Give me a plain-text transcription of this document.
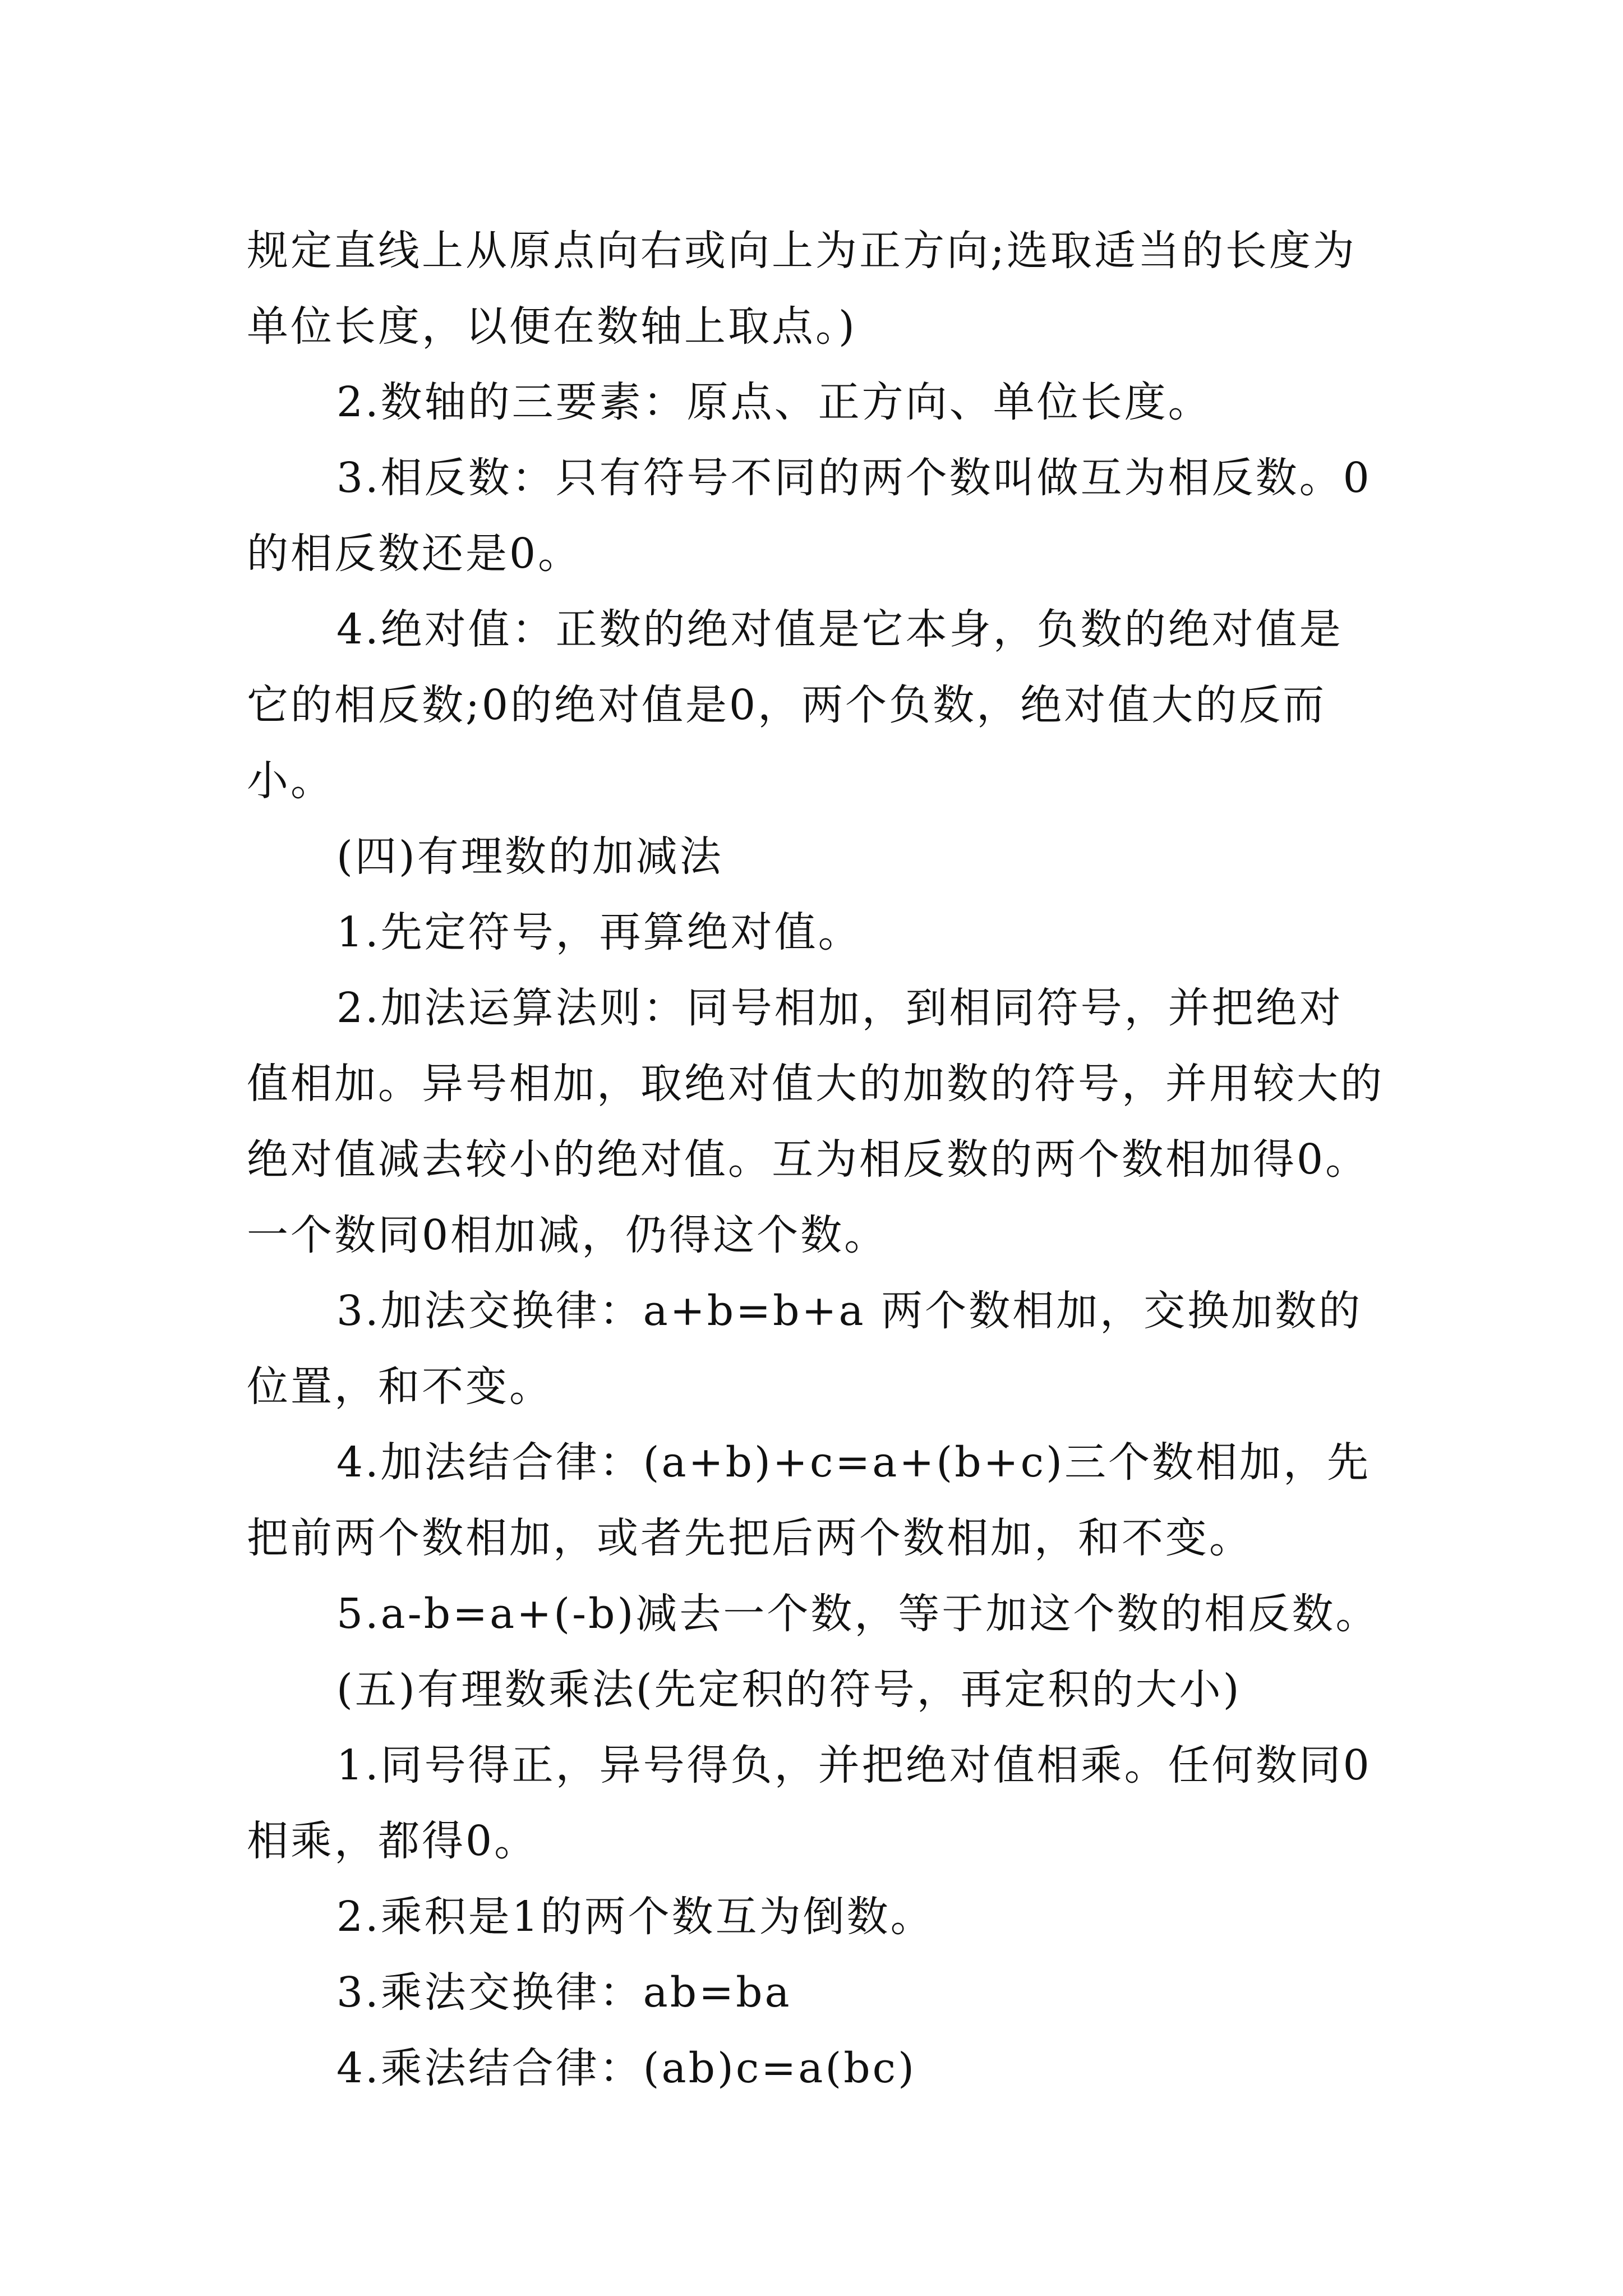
规定直线上从原点向右或向上为正方向;选取适当的长度为单位长度，以便在数轴上取点。)

2.数轴的三要素：原点、正方向、单位长度。

3.相反数：只有符号不同的两个数叫做互为相反数。0的相反数还是0。

4.绝对值：正数的绝对值是它本身，负数的绝对值是它的相反数;0的绝对值是0，两个负数，绝对值大的反而小。

(四)有理数的加减法

1.先定符号，再算绝对值。

2.加法运算法则：同号相加，到相同符号，并把绝对值相加。异号相加，取绝对值大的加数的符号，并用较大的绝对值减去较小的绝对值。互为相反数的两个数相加得0。一个数同0相加减，仍得这个数。

3.加法交换律：a+b=b+a 两个数相加，交换加数的位置，和不变。

4.加法结合律：(a+b)+c=a+(b+c)三个数相加，先把前两个数相加，或者先把后两个数相加，和不变。

5.a-b=a+(-b)减去一个数，等于加这个数的相反数。

(五)有理数乘法(先定积的符号，再定积的大小)

1.同号得正，异号得负，并把绝对值相乘。任何数同0相乘，都得0。

2.乘积是1的两个数互为倒数。

3.乘法交换律：ab=ba

4.乘法结合律：(ab)c=a(bc)
